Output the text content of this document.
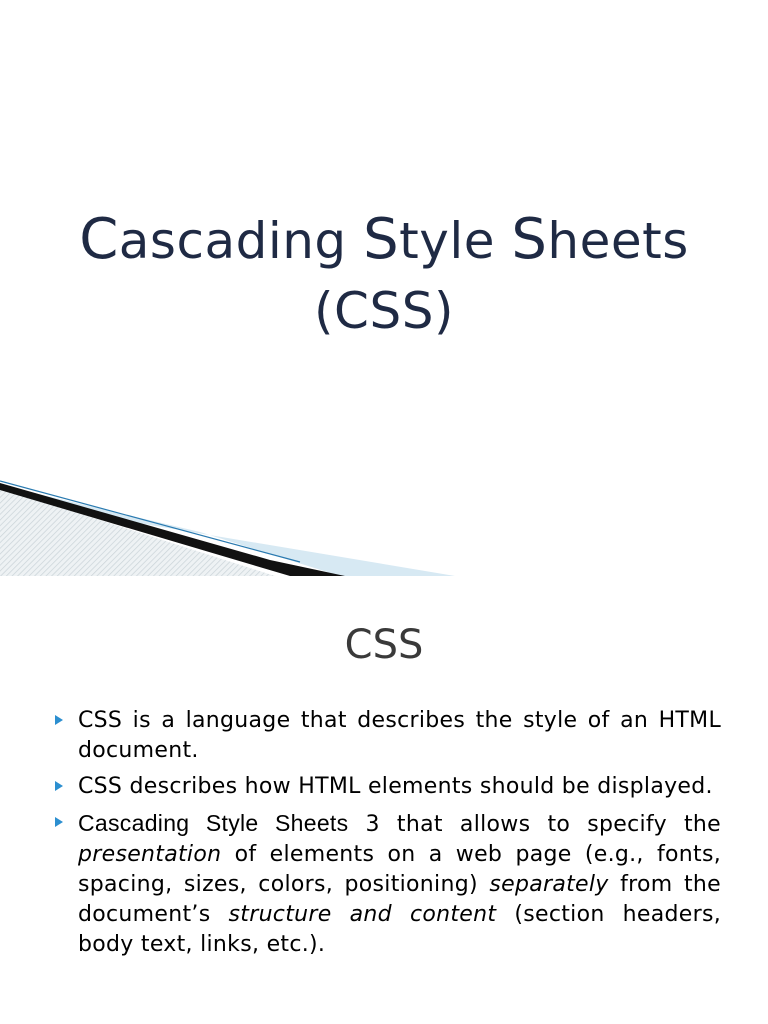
Cascading Style Sheets
(CSS)
CSS
CSS is a language that describes the style of an HTML document.
CSS describes how HTML elements should be displayed.
Cascading Style Sheets 3 that allows to specify the presentation of elements on a web page (e.g., fonts, spacing, sizes, colors, positioning) separately from the document’s structure and content (section headers, body text, links, etc.).
